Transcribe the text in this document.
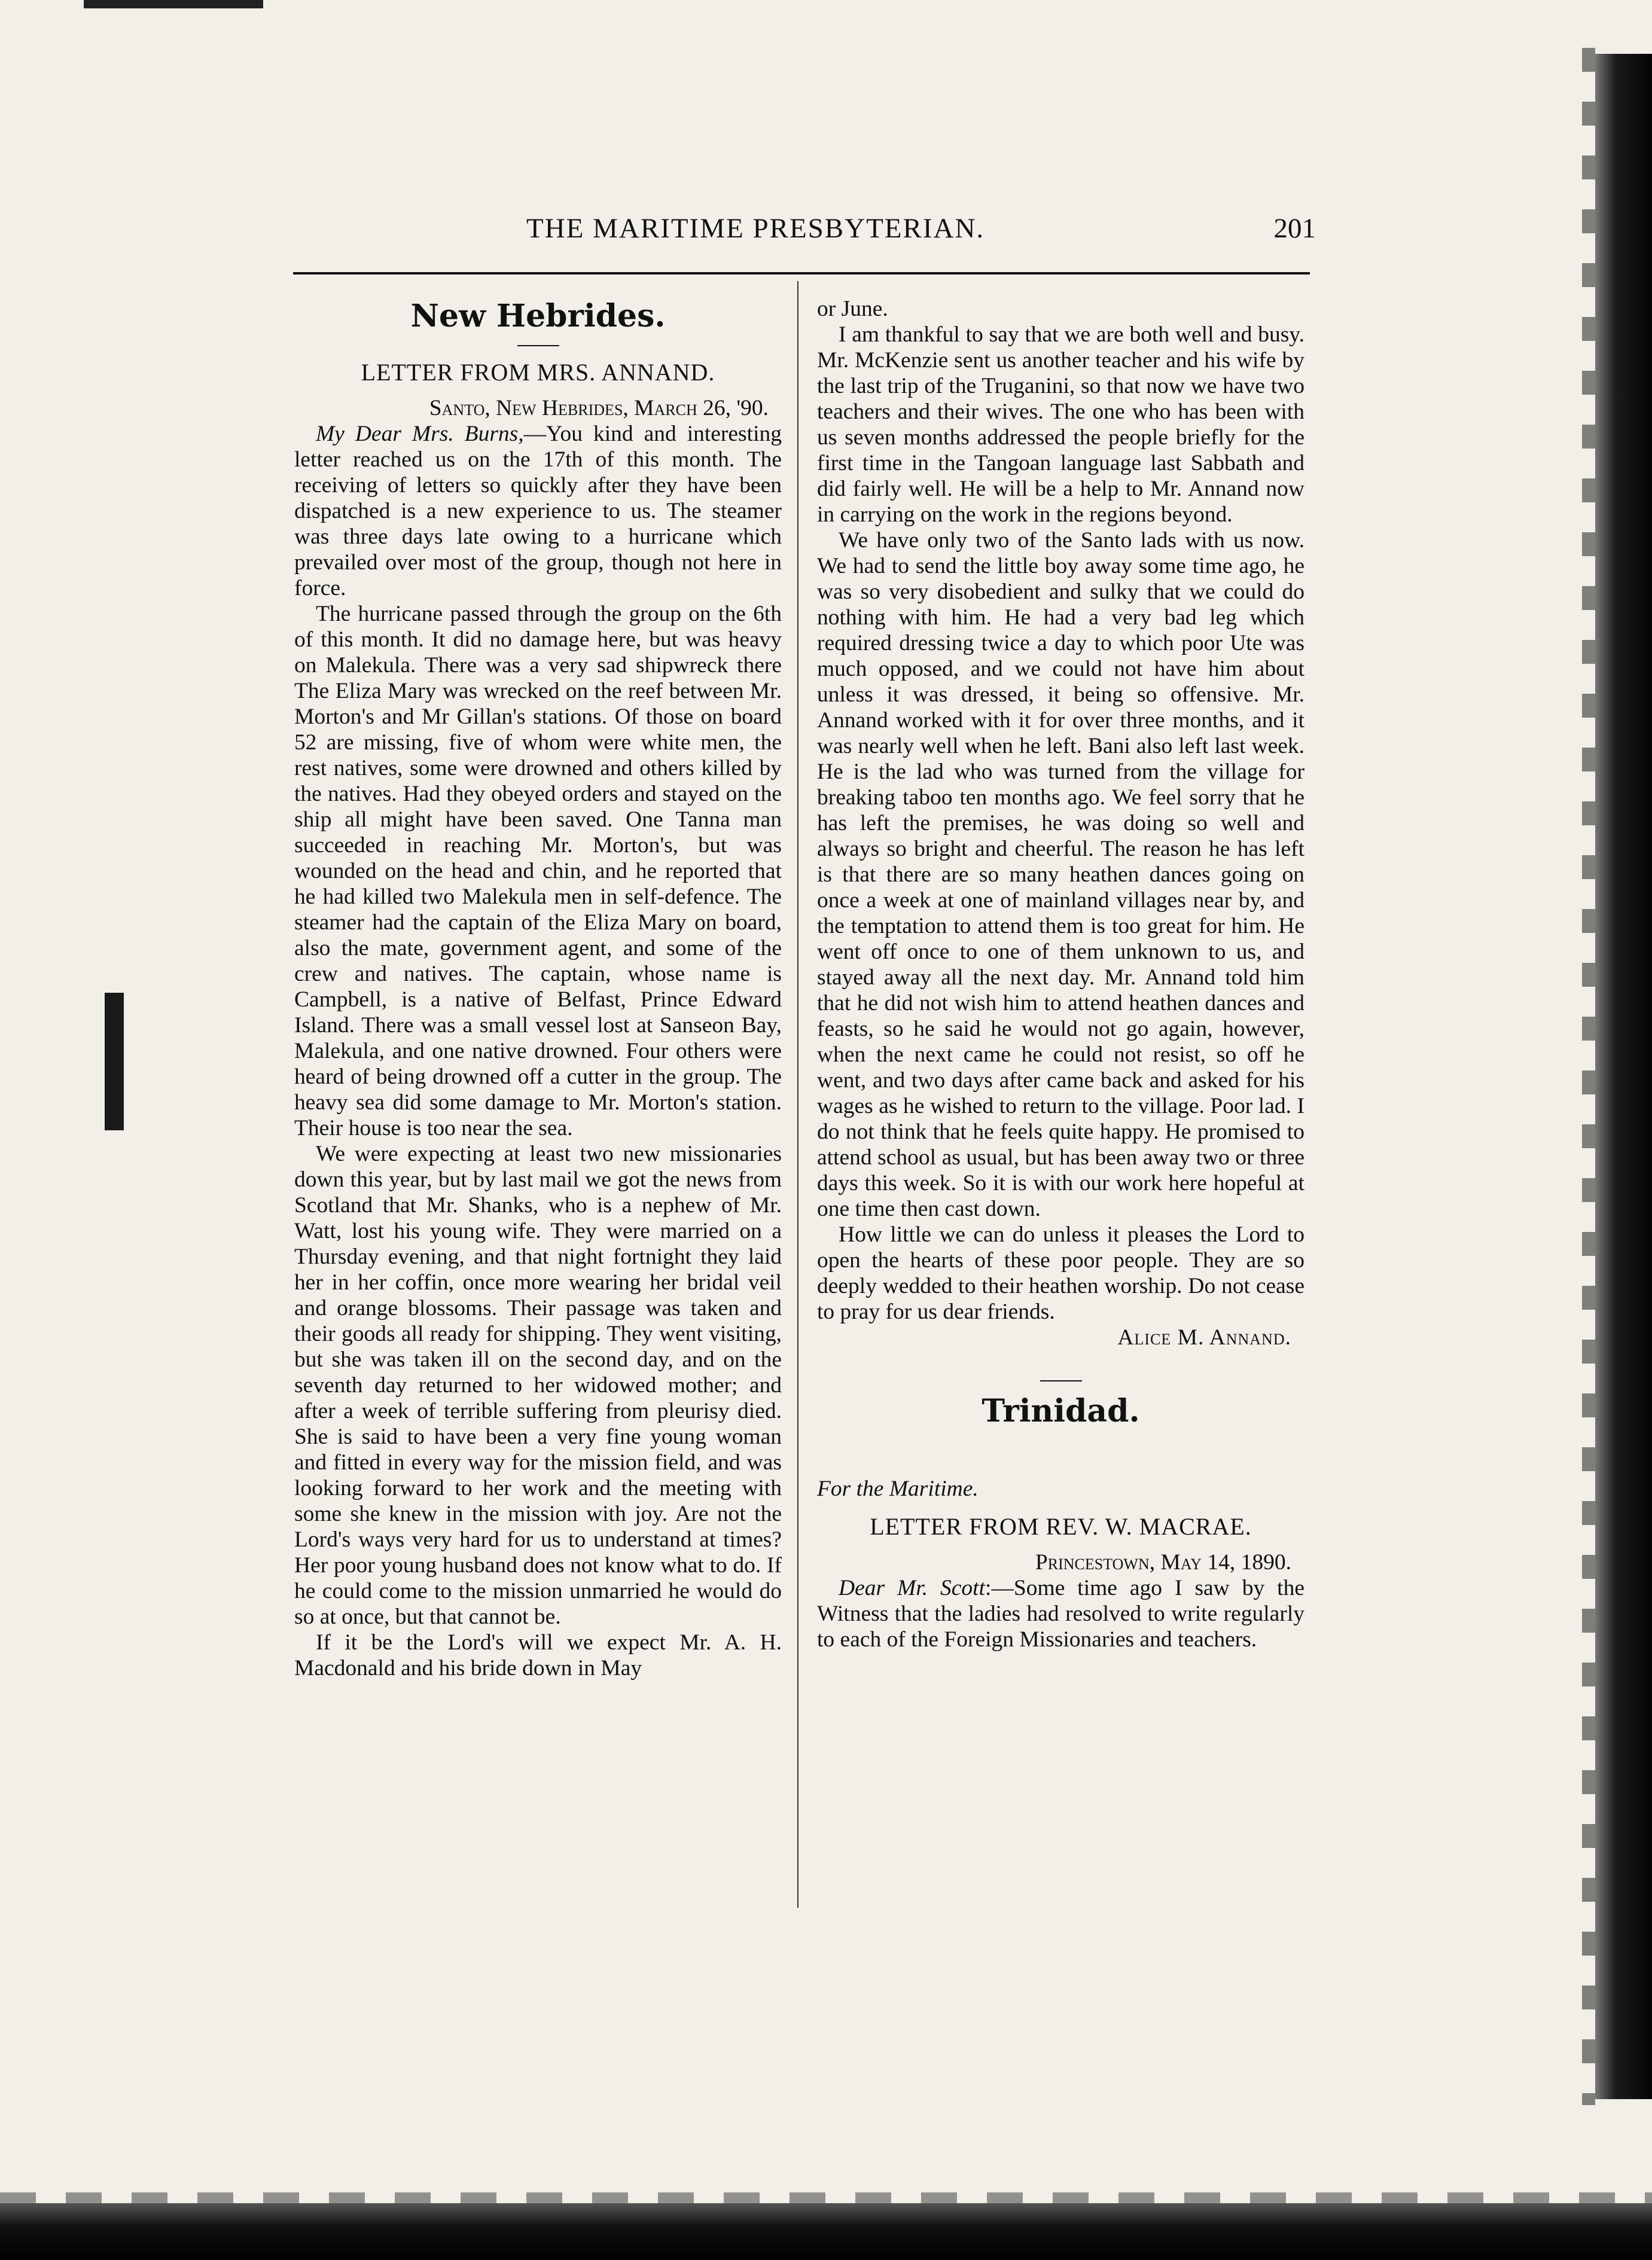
THE MARITIME PRESBYTERIAN.	201
New Hebrides.
LETTER FROM MRS. ANNAND.

Santo, New Hebrides, March 26, '90.

My Dear Mrs. Burns,—You kind and interesting letter reached us on the 17th of this month. The receiving of letters so quickly after they have been dispatched is a new experience to us. The steamer was three days late owing to a hurricane which prevailed over most of the group, though not here in force.

The hurricane passed through the group on the 6th of this month. It did no damage here, but was heavy on Malekula. There was a very sad shipwreck there The Eliza Mary was wrecked on the reef between Mr. Morton's and Mr Gillan's stations. Of those on board 52 are missing, five of whom were white men, the rest natives, some were drowned and others killed by the natives. Had they obeyed orders and stayed on the ship all might have been saved. One Tanna man succeeded in reaching Mr. Morton's, but was wounded on the head and chin, and he reported that he had killed two Malekula men in self-defence. The steamer had the captain of the Eliza Mary on board, also the mate, government agent, and some of the crew and natives. The captain, whose name is Campbell, is a native of Belfast, Prince Edward Island. There was a small vessel lost at Sanseon Bay, Malekula, and one native drowned. Four others were heard of being drowned off a cutter in the group. The heavy sea did some damage to Mr. Morton's station. Their house is too near the sea.

We were expecting at least two new missionaries down this year, but by last mail we got the news from Scotland that Mr. Shanks, who is a nephew of Mr. Watt, lost his young wife. They were married on a Thursday evening, and that night fortnight they laid her in her coffin, once more wearing her bridal veil and orange blossoms. Their passage was taken and their goods all ready for shipping. They went visiting, but she was taken ill on the second day, and on the seventh day returned to her widowed mother; and after a week of terrible suffering from pleurisy died. She is said to have been a very fine young woman and fitted in every way for the mission field, and was looking forward to her work and the meeting with some she knew in the mission with joy. Are not the Lord's ways very hard for us to understand at times? Her poor young husband does not know what to do. If he could come to the mission unmarried he would do so at once, but that cannot be.

If it be the Lord's will we expect Mr. A. H. Macdonald and his bride down in May

or June.

I am thankful to say that we are both well and busy. Mr. McKenzie sent us another teacher and his wife by the last trip of the Truganini, so that now we have two teachers and their wives. The one who has been with us seven months addressed the people briefly for the first time in the Tangoan language last Sabbath and did fairly well. He will be a help to Mr. Annand now in carrying on the work in the regions beyond.

We have only two of the Santo lads with us now. We had to send the little boy away some time ago, he was so very disobedient and sulky that we could do nothing with him. He had a very bad leg which required dressing twice a day to which poor Ute was much opposed, and we could not have him about unless it was dressed, it being so offensive. Mr. Annand worked with it for over three months, and it was nearly well when he left. Bani also left last week. He is the lad who was turned from the village for breaking taboo ten months ago. We feel sorry that he has left the premises, he was doing so well and always so bright and cheerful. The reason he has left is that there are so many heathen dances going on once a week at one of mainland villages near by, and the temptation to attend them is too great for him. He went off once to one of them unknown to us, and stayed away all the next day. Mr. Annand told him that he did not wish him to attend heathen dances and feasts, so he said he would not go again, however, when the next came he could not resist, so off he went, and two days after came back and asked for his wages as he wished to return to the village. Poor lad. I do not think that he feels quite happy. He promised to attend school as usual, but has been away two or three days this week. So it is with our work here hopeful at one time then cast down.

How little we can do unless it pleases the Lord to open the hearts of these poor people. They are so deeply wedded to their heathen worship. Do not cease to pray for us dear friends.

Alice M. Annand.

Trinidad.

For the Maritime.

LETTER FROM REV. W. MACRAE.

Princestown, May 14, 1890.

Dear Mr. Scott:—Some time ago I saw by the Witness that the ladies had resolved to write regularly to each of the Foreign Missionaries and teachers.
